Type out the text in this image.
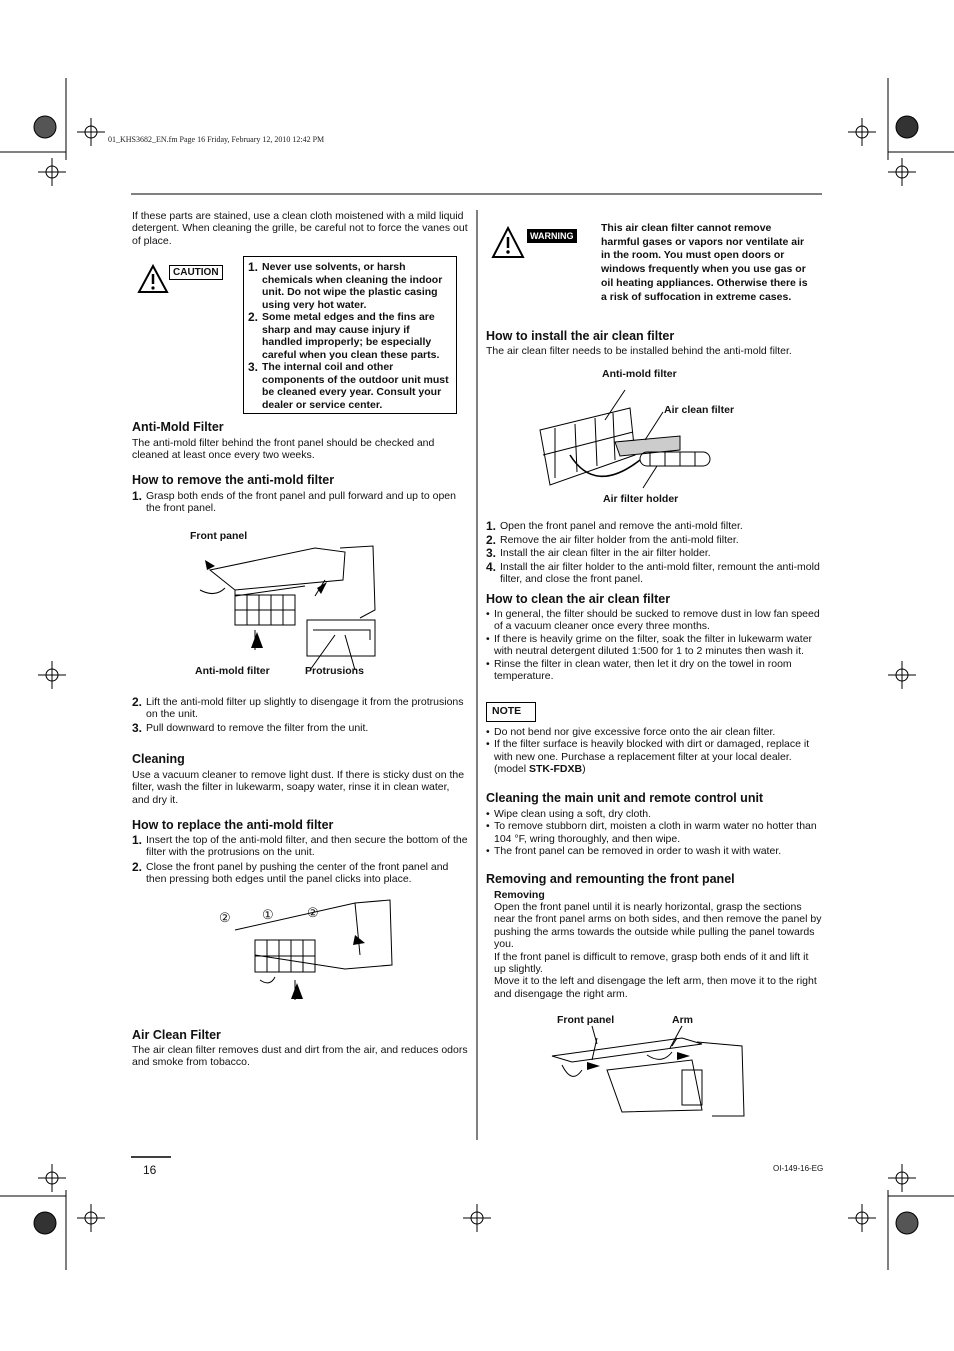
01_KHS3682_EN.fm Page 16 Friday, February 12, 2010 12:42 PM
If these parts are stained, use a clean cloth moistened with a mild liquid detergent. When cleaning the grille, be careful not to force the vanes out of place.
CAUTION	1. Never use solvents, or harsh chemicals when cleaning the indoor unit. Do not wipe the plastic casing using very hot water.
2. Some metal edges and the fins are sharp and may cause injury if handled improperly; be especially careful when you clean these parts.
3. The internal coil and other components of the outdoor unit must be cleaned every year. Consult your dealer or service center.
Anti-Mold Filter
The anti-mold filter behind the front panel should be checked and cleaned at least once every two weeks.
How to remove the anti-mold filter
1. Grasp both ends of the front panel and pull forward and up to open the front panel.
Front panel
Anti-mold filter	Protrusions
2. Lift the anti-mold filter up slightly to disengage it from the protrusions on the unit.
3. Pull downward to remove the filter from the unit.
Cleaning
Use a vacuum cleaner to remove light dust. If there is sticky dust on the filter, wash the filter in lukewarm, soapy water, rinse it in clean water, and dry it.
How to replace the anti-mold filter
1. Insert the top of the anti-mold filter, and then secure the bottom of the filter with the protrusions on the unit.
2. Close the front panel by pushing the center of the front panel and then pressing both edges until the panel clicks into place.
② ①	②
Air Clean Filter
The air clean filter removes dust and dirt from the air, and reduces odors and smoke from tobacco.
WARNING
This air clean filter cannot remove harmful gases or vapors nor ventilate air in the room. You must open doors or windows frequently when you use gas or oil heating appliances. Otherwise there is a risk of suffocation in extreme cases.
How to install the air clean filter
The air clean filter needs to be installed behind the anti-mold filter.
Anti-mold filter
Air clean filter
Air filter holder
1. Open the front panel and remove the anti-mold filter.
2. Remove the air filter holder from the anti-mold filter.
3. Install the air clean filter in the air filter holder.
4. Install the air filter holder to the anti-mold filter, remount the anti-mold filter, and close the front panel.
How to clean the air clean filter
• In general, the filter should be sucked to remove dust in low fan speed of a vacuum cleaner once every three months.
• If there is heavily grime on the filter, soak the filter in lukewarm water with neutral detergent diluted 1:500 for 1 to 2 minutes then wash it.
• Rinse the filter in clean water, then let it dry on the towel in room temperature.
NOTE
• Do not bend nor give excessive force onto the air clean filter.
• If the filter surface is heavily blocked with dirt or damaged, replace it with new one. Purchase a replacement filter at your local dealer. (model STK-FDXB)
Cleaning the main unit and remote control unit
• Wipe clean using a soft, dry cloth.
• To remove stubborn dirt, moisten a cloth in warm water no hotter than 104 °F, wring thoroughly, and then wipe.
• The front panel can be removed in order to wash it with water.
Removing and remounting the front panel
Removing
Open the front panel until it is nearly horizontal, grasp the sections near the front panel arms on both sides, and then remove the panel by pushing the arms towards the outside while pulling the panel towards you.
If the front panel is difficult to remove, grasp both ends of it and lift it up slightly.
Move it to the left and disengage the left arm, then move it to the right and disengage the right arm.
Front panel	Arm
16	OI-149-16-EG
